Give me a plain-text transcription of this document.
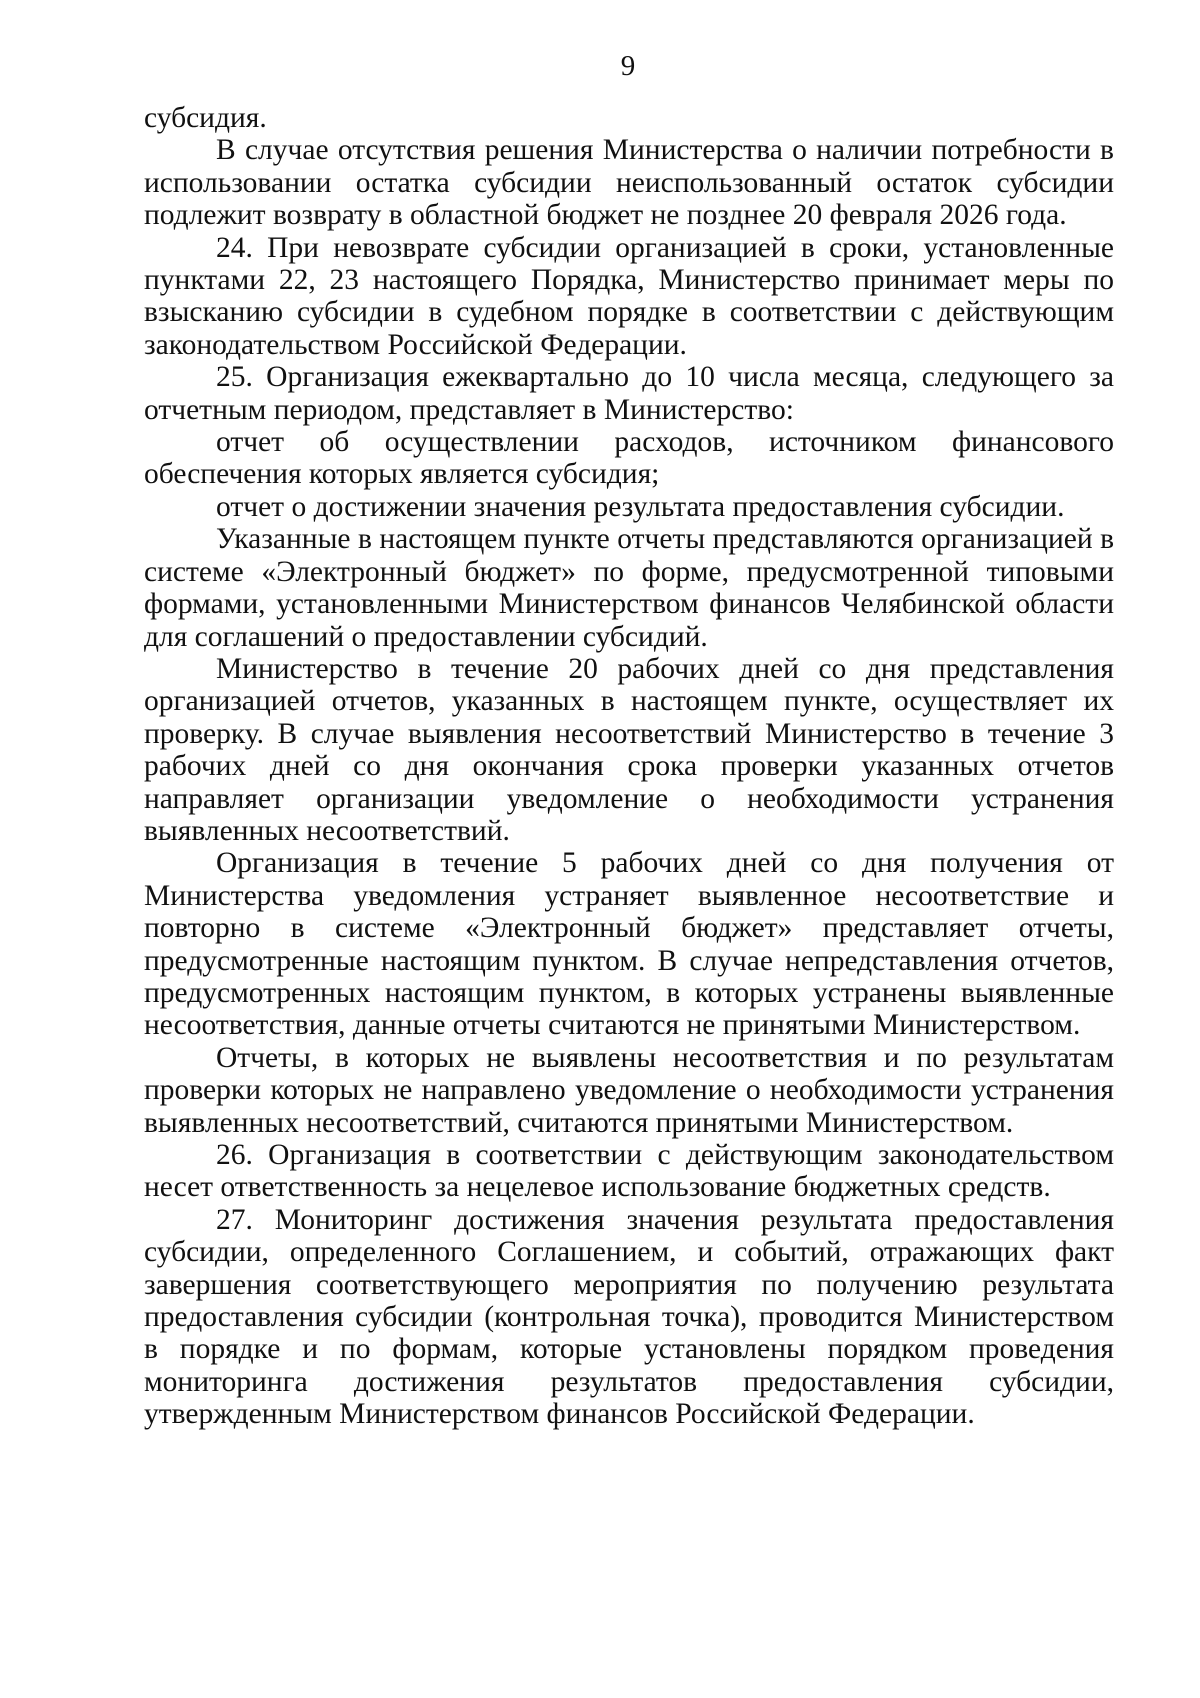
9

субсидия.

В случае отсутствия решения Министерства о наличии потребности в использовании остатка субсидии неиспользованный остаток субсидии подлежит возврату в областной бюджет не позднее 20 февраля 2026 года.

24. При невозврате субсидии организацией в сроки, установленные пунктами 22, 23 настоящего Порядка, Министерство принимает меры по взысканию субсидии в судебном порядке в соответствии с действующим законодательством Российской Федерации.

25. Организация ежеквартально до 10 числа месяца, следующего за отчетным периодом, представляет в Министерство:

отчет об осуществлении расходов, источником финансового обеспечения которых является субсидия;

отчет о достижении значения результата предоставления субсидии.

Указанные в настоящем пункте отчеты представляются организацией в системе «Электронный бюджет» по форме, предусмотренной типовыми формами, установленными Министерством финансов Челябинской области для соглашений о предоставлении субсидий.

Министерство в течение 20 рабочих дней со дня представления организацией отчетов, указанных в настоящем пункте, осуществляет их проверку. В случае выявления несоответствий Министерство в течение 3 рабочих дней со дня окончания срока проверки указанных отчетов направляет организации уведомление о необходимости устранения выявленных несоответствий.

Организация в течение 5 рабочих дней со дня получения от Министерства уведомления устраняет выявленное несоответствие и повторно в системе «Электронный бюджет» представляет отчеты, предусмотренные настоящим пунктом. В случае непредставления отчетов, предусмотренных настоящим пунктом, в которых устранены выявленные несоответствия, данные отчеты считаются не принятыми Министерством.

Отчеты, в которых не выявлены несоответствия и по результатам проверки которых не направлено уведомление о необходимости устранения выявленных несоответствий, считаются принятыми Министерством.

26. Организация в соответствии с действующим законодательством несет ответственность за нецелевое использование бюджетных средств.

27. Мониторинг достижения значения результата предоставления субсидии, определенного Соглашением, и событий, отражающих факт завершения соответствующего мероприятия по получению результата предоставления субсидии (контрольная точка), проводится Министерством в порядке и по формам, которые установлены порядком проведения мониторинга достижения результатов предоставления субсидии, утвержденным Министерством финансов Российской Федерации.
